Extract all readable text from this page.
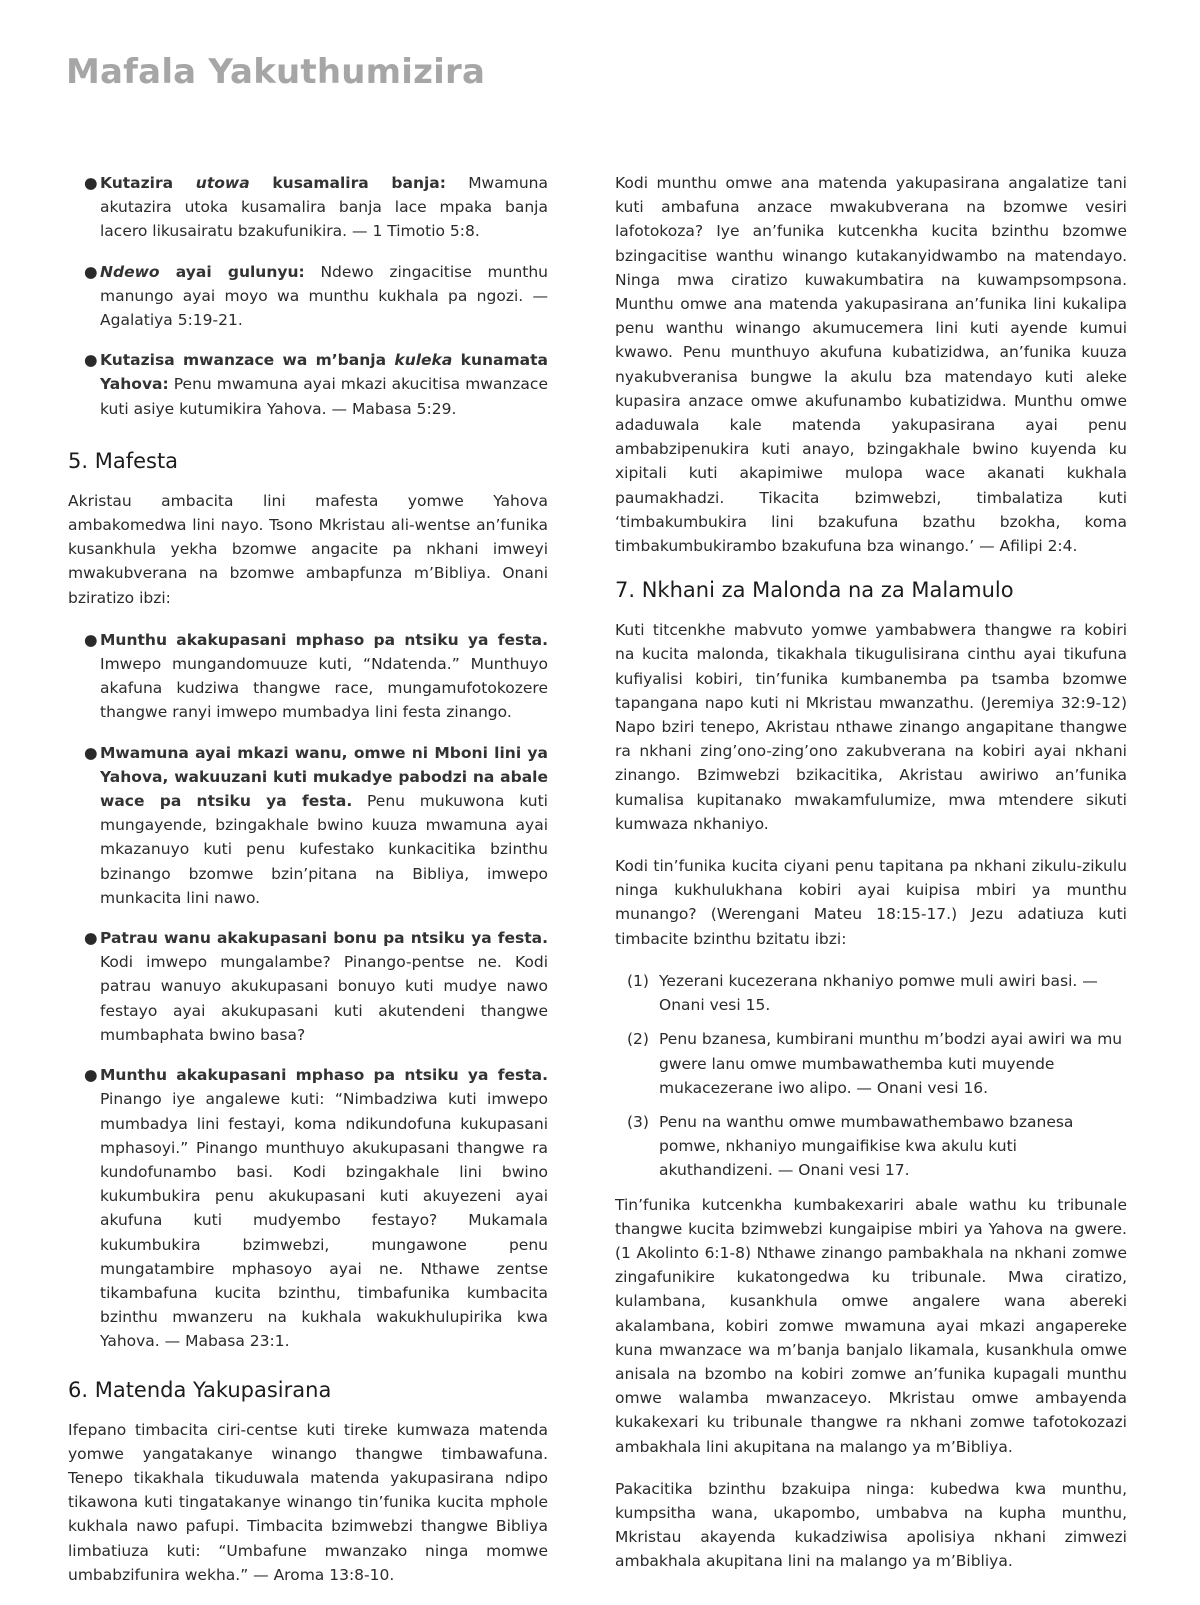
Mafala Yakuthumizira
● Kutazira utowa kusamalira banja: Mwamuna akutazira utoka kusamalira banja lace mpaka banja lacero likusairatu bzakufunikira. — 1 Timotio 5:8.
● Ndewo ayai gulunyu: Ndewo zingacitise munthu manungo ayai moyo wa munthu kukhala pa ngozi. — Agalatiya 5:19-21.
● Kutazisa mwanzace wa m’banja kuleka kunamata Yahova: Penu mwamuna ayai mkazi akucitisa mwanzace kuti asiye kutumikira Yahova. — Mabasa 5:29.
5. Mafesta

Akristau ambacita lini mafesta yomwe Yahova ambakomedwa lini nayo. Tsono Mkristau ali-wentse an’funika kusankhula yekha bzomwe angacite pa nkhani imweyi mwakubverana na bzomwe ambapfunza m’Bibliya. Onani bziratizo ibzi:

● Munthu akakupasani mphaso pa ntsiku ya festa. Imwepo mungandomuuze kuti, “Ndatenda.” Munthuyo akafuna kudziwa thangwe race, mungamufotokozere thangwe ranyi imwepo mumbadya lini festa zinango.
● Mwamuna ayai mkazi wanu, omwe ni Mboni lini ya Yahova, wakuuzani kuti mukadye pabodzi na abale wace pa ntsiku ya festa. Penu mukuwona kuti mungayende, bzingakhale bwino kuuza mwamuna ayai mkazanuyo kuti penu kufestako kunkacitika bzinthu bzinango bzomwe bzin’pitana na Bibliya, imwepo munkacita lini nawo.
● Patrau wanu akakupasani bonu pa ntsiku ya festa. Kodi imwepo mungalambe? Pinango-pentse ne. Kodi patrau wanuyo akukupasani bonuyo kuti mudye nawo festayo ayai akukupasani kuti akutendeni thangwe mumbaphata bwino basa?
● Munthu akakupasani mphaso pa ntsiku ya festa. Pinango iye angalewe kuti: “Nimbadziwa kuti imwepo mumbadya lini festayi, koma ndikundofuna kukupasani mphasoyi.” Pinango munthuyo akukupasani thangwe ra kundofunambo basi. Kodi bzingakhale lini bwino kukumbukira penu akukupasani kuti akuyezeni ayai akufuna kuti mudyembo festayo? Mukamala kukumbukira bzimwebzi, mungawone penu mungatambire mphasoyo ayai ne. Nthawe zentse tikambafuna kucita bzinthu, timbafunika kumbacita bzinthu mwanzeru na kukhala wakukhulupirika kwa Yahova. — Mabasa 23:1.
6. Matenda Yakupasirana

Ifepano timbacita ciri-centse kuti tireke kumwaza matenda yomwe yangatakanye winango thangwe timbawafuna. Tenepo tikakhala tikuduwala matenda yakupasirana ndipo tikawona kuti tingatakanye winango tin’funika kucita mphole kukhala nawo pafupi. Timbacita bzimwebzi thangwe Bibliya limbatiuza kuti: “Umbafune mwanzako ninga momwe umbabzifunira wekha.” — Aroma 13:8-10.

Kodi munthu omwe ana matenda yakupasirana angalatize tani kuti ambafuna anzace mwakubverana na bzomwe vesiri lafotokoza? Iye an’funika kutcenkha kucita bzinthu bzomwe bzingacitise wanthu winango kutakanyidwambo na matendayo. Ninga mwa ciratizo kuwakumbatira na kuwampsompsona. Munthu omwe ana matenda yakupasirana an’funika lini kukalipa penu wanthu winango akumucemera lini kuti ayende kumui kwawo. Penu munthuyo akufuna kubatizidwa, an’funika kuuza nyakubveranisa bungwe la akulu bza matendayo kuti aleke kupasira anzace omwe akufunambo kubatizidwa. Munthu omwe adaduwala kale matenda yakupasirana ayai penu ambabzipenukira kuti anayo, bzingakhale bwino kuyenda ku xipitali kuti akapimiwe mulopa wace akanati kukhala paumakhadzi. Tikacita bzimwebzi, timbalatiza kuti ‘timbakumbukira lini bzakufuna bzathu bzokha, koma timbakumbukirambo bzakufuna bza winango.’ — Afilipi 2:4.

7. Nkhani za Malonda na za Malamulo

Kuti titcenkhe mabvuto yomwe yambabwera thangwe ra kobiri na kucita malonda, tikakhala tikugulisirana cinthu ayai tikufuna kufiyalisi kobiri, tin’funika kumbanemba pa tsamba bzomwe tapangana napo kuti ni Mkristau mwanzathu. (Jeremiya 32:9-12) Napo bziri tenepo, Akristau nthawe zinango angapitane thangwe ra nkhani zing’ono-zing’ono zakubverana na kobiri ayai nkhani zinango. Bzimwebzi bzikacitika, Akristau awiriwo an’funika kumalisa kupitanako mwakamfulumize, mwa mtendere sikuti kumwaza nkhaniyo.

Kodi tin’funika kucita ciyani penu tapitana pa nkhani zikulu-zikulu ninga kukhulukhana kobiri ayai kuipisa mbiri ya munthu munango? (Werengani Mateu 18:15-17.) Jezu adatiuza kuti timbacite bzinthu bzitatu ibzi:

(1) Yezerani kucezerana nkhaniyo pomwe muli awiri basi. — Onani vesi 15.
(2) Penu bzanesa, kumbirani munthu m’bodzi ayai awiri wa mu gwere lanu omwe mumbawathemba kuti muyende mukacezerane iwo alipo. — Onani vesi 16.
(3) Penu na wanthu omwe mumbawathembawo bzanesa pomwe, nkhaniyo mungaifikise kwa akulu kuti akuthandizeni. — Onani vesi 17.

Tin’funika kutcenkha kumbakexariri abale wathu ku tribunale thangwe kucita bzimwebzi kungaipise mbiri ya Yahova na gwere. (1 Akolinto 6:1-8) Nthawe zinango pambakhala na nkhani zomwe zingafunikire kukatongedwa ku tribunale. Mwa ciratizo, kulambana, kusankhula omwe angalere wana abereki akalambana, kobiri zomwe mwamuna ayai mkazi angapereke kuna mwanzace wa m’banja banjalo likamala, kusankhula omwe anisala na bzombo na kobiri zomwe an’funika kupagali munthu omwe walamba mwanzaceyo. Mkristau omwe ambayenda kukakexari ku tribunale thangwe ra nkhani zomwe tafotokozazi ambakhala lini akupitana na malango ya m’Bibliya.

Pakacitika bzinthu bzakuipa ninga: kubedwa kwa munthu, kumpsitha wana, ukapombo, umbabva na kupha munthu, Mkristau akayenda kukadziwisa apolisiya nkhani zimwezi ambakhala akupitana lini na malango ya m’Bibliya.
